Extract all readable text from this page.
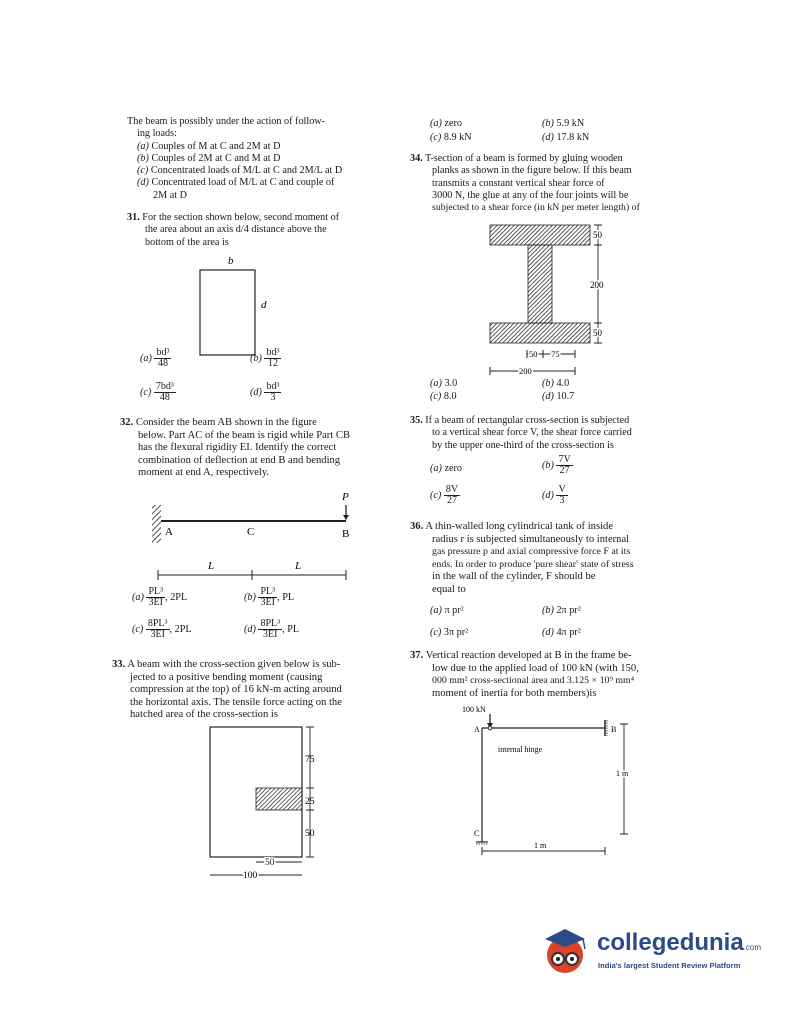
The beam is possibly under the action of follow-
ing loads:
(a) Couples of M at C and 2M at D
(b) Couples of 2M at C and M at D
(c) Concentrated loads of M/L at C and 2M/L at D
(d) Concentrated load of M/L at C and couple of
2M at D
31. For the section shown below, second moment of
the area about an axis d/4 distance above the
bottom of the area is
b
d
$(a) \frac{\text{bd³}}{48}$	$(b) \frac{\text{bd³}}{12}$
$(c) \frac{\text{7bd³}}{48}$	$(d) \frac{\text{bd³}}{3}$
32. Consider the beam AB shown in the figure
below. Part AC of the beam is rigid while Part CB
has the flexural rigidity EI. Identify the correct
combination of deflection at end B and bending
moment at end A, respectively.
P
A	C	B
L	L
$(a) \frac{\text{PL³}}{3EI}$ , 2PL	$(b) \frac{\text{PL³}}{3EI}$ , PL
$(c) \frac{\text{8PL³}}{3EI}$ , 2PL	$(d) \frac{\text{8PL³}}{3EI}$ , PL
33. A beam with the cross-section given below is sub-
jected to a positive bending moment (causing
compression at the top) of 16 kN-m acting around
the horizontal axis. The tensile force acting on the
hatched area of the cross-section is
75
25
50
50
100
(a) zero	(b) 5.9 kN
(c) 8.9 kN	(d) 17.8 kN
34. T-section of a beam is formed by gluing wooden
planks as shown in the figure below. If this beam
transmits a constant vertical shear force of
3000 N, the glue at any of the four joints will be
subjected to a shear force (in kN per meter length) of
50
200
50
50 75
200
(a) 3.0	(b) 4.0
(c) 8.0	(d) 10.7
35. If a beam of rectangular cross-section is subjected
to a vertical shear force V, the shear force carried
by the upper one-third of the cross-section is
(a) zero	$(b) \frac{7V}{27}$
$(c) \frac{8V}{27}$	$(d) \frac{V}{3}$
36. A thin-walled long cylindrical tank of inside
radius r is subjected simultaneously to internal
gas pressure p and axial compressive force F at its
ends. In order to produce 'pure shear' state of stress
in the wall of the cylinder, F should be
equal to
(a) π pr²	(b) 2π pr²
(c) 3π pr²	(d) 4π pr²
37. Vertical reaction developed at B in the frame be-
low due to the applied load of 100 kN (with 150,
000 mm² cross-sectional area and 3.125 × 10⁹ mm⁴
moment of inertia for both members)is
100 kN
A	B
internal hinge
1 m
C
1 m
collegedunia.com
India's largest Student Review Platform
